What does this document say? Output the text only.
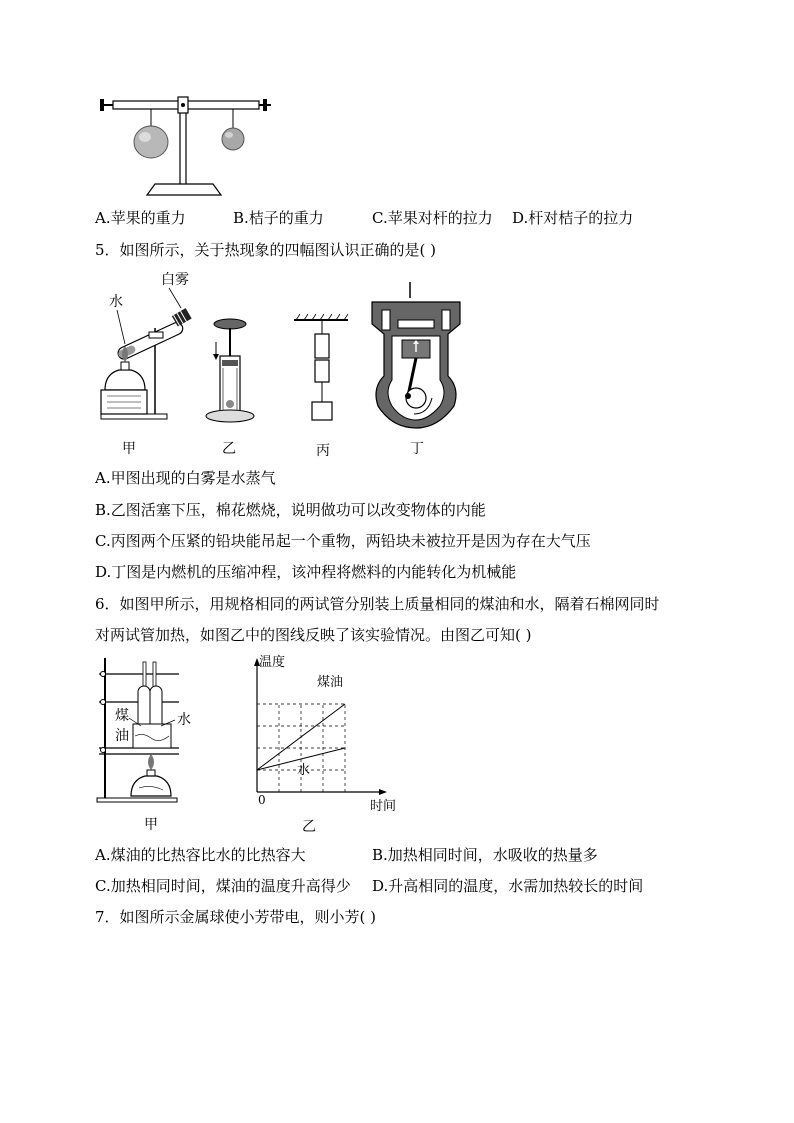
A.苹果的重力	B.桔子的重力	C.苹果对杆的拉力 D.杆对桔子的拉力
5．如图所示，关于热现象的四幅图认识正确的是( )
水
白雾
甲	乙	丙	丁
A.甲图出现的白雾是水蒸气
B.乙图活塞下压，棉花燃烧，说明做功可以改变物体的内能
C.丙图两个压紧的铅块能吊起一个重物，两铅块未被拉开是因为存在大气压
D.丁图是内燃机的压缩冲程，该冲程将燃料的内能转化为机械能
6．如图甲所示，用规格相同的两试管分别装上质量相同的煤油和水，隔着石棉网同时
对两试管加热，如图乙中的图线反映了该实验情况。由图乙可知( )
煤
油
水
甲
温度
时间
0
煤油
水
乙
A.煤油的比热容比水的比热容大	B.加热相同时间，水吸收的热量多
C.加热相同时间，煤油的温度升高得少 D.升高相同的温度，水需加热较长的时间
7．如图所示金属球使小芳带电，则小芳( )
